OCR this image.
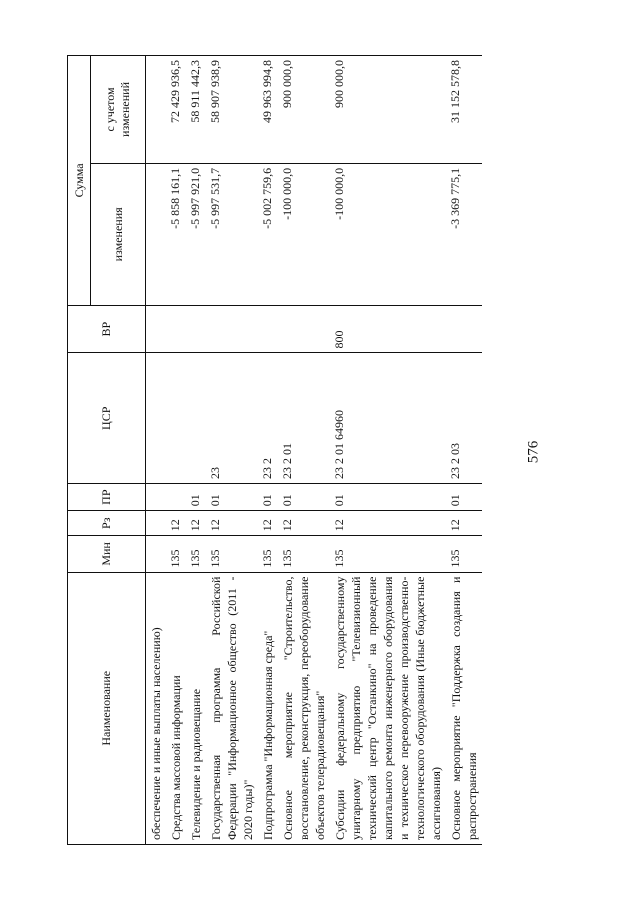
576
Наименование	Мин	Рз	ПР	ЦСР	ВР	Сумма	
						изменения	с учетом изменений
обеспечение и иные выплаты населению)							
Средства массовой информации	135	12				-5 858 161,1	72 429 936,5
Телевидение и радиовещание	135	12	01			-5 997 921,0	58 911 442,3
Государственная программа Российской Федерации "Информационное общество (2011 - 2020 годы)"	135	12	01	23		-5 997 531,7	58 907 938,9
Подпрограмма "Информационная среда"	135	12	01	23 2		-5 002 759,6	49 963 994,8
Основное мероприятие "Строительство, восстановление, реконструкция, переоборудование объектов телерадиовещания"	135	12	01	23 2 01		-100 000,0	900 000,0
Субсидии федеральному государственному унитарному предприятию "Телевизионный технический центр "Останкино" на проведение капитального ремонта инженерного оборудования и техническое перевооружение производственно-технологического оборудования (Иные бюджетные ассигнования)	135	12	01	23 2 01 64960	800	-100 000,0	900 000,0
Основное мероприятие "Поддержка создания и распространения	135	12	01	23 2 03		-3 369 775,1	31 152 578,8
